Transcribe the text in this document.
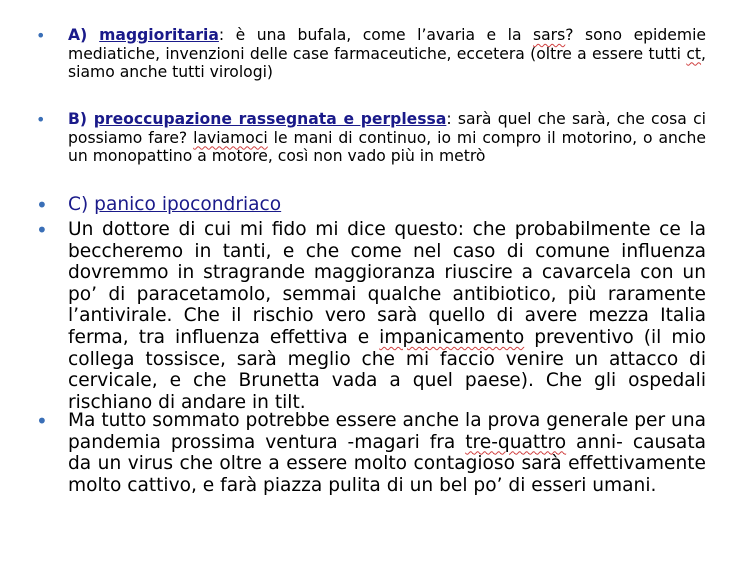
• A) maggioritaria: è una bufala, come l’avaria e la sars? sono epidemie mediatiche, invenzioni delle case farmaceutiche, eccetera (oltre a essere tutti ct, siamo anche tutti virologi)
• B) preoccupazione rassegnata e perplessa: sarà quel che sarà, che cosa ci possiamo fare? laviamoci le mani di continuo, io mi compro il motorino, o anche un monopattino a motore, così non vado più in metrò
• C) panico ipocondriaco
• Un dottore di cui mi fido mi dice questo: che probabilmente ce la beccheremo in tanti, e che come nel caso di comune influenza dovremmo in stragrande maggioranza riuscire a cavarcela con un po’ di paracetamolo, semmai qualche antibiotico, più raramente l’antivirale. Che il rischio vero sarà quello di avere mezza Italia ferma, tra influenza effettiva e impanicamento preventivo (il mio collega tossisce, sarà meglio che mi faccio venire un attacco di cervicale, e che Brunetta vada a quel paese). Che gli ospedali rischiano di andare in tilt.
• Ma tutto sommato potrebbe essere anche la prova generale per una pandemia prossima ventura -magari fra tre-quattro anni- causata da un virus che oltre a essere molto contagioso sarà effettivamente molto cattivo, e farà piazza pulita di un bel po’ di esseri umani.
